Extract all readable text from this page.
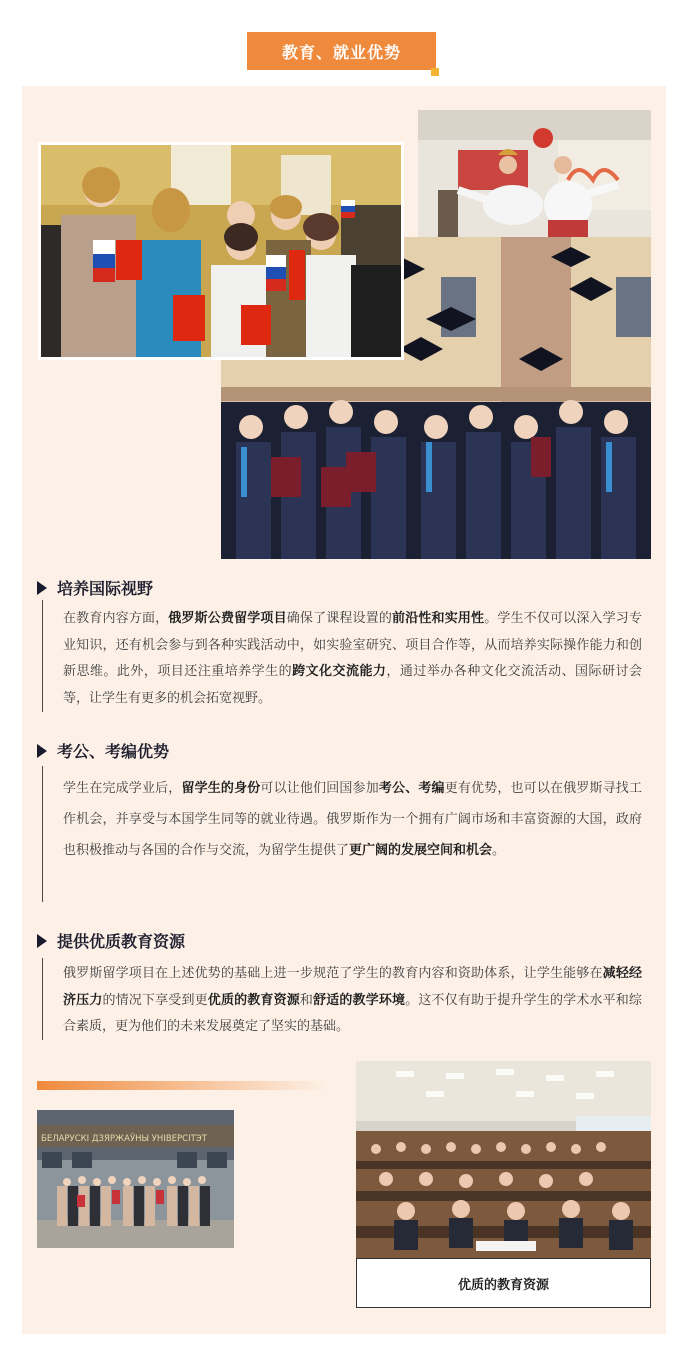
教育、就业优势
培养国际视野
在教育内容方面，俄罗斯公费留学项目确保了课程设置的前沿性和实用性。学生不仅可以深入学习专业知识，还有机会参与到各种实践活动中，如实验室研究、项目合作等，从而培养实际操作能力和创新思维。此外，项目还注重培养学生的跨文化交流能力，通过举办各种文化交流活动、国际研讨会等，让学生有更多的机会拓宽视野。
考公、考编优势
学生在完成学业后，留学生的身份可以让他们回国参加考公、考编更有优势，也可以在俄罗斯寻找工作机会，并享受与本国学生同等的就业待遇。俄罗斯作为一个拥有广阔市场和丰富资源的大国，政府也积极推动与各国的合作与交流，为留学生提供了更广阔的发展空间和机会。
提供优质教育资源
俄罗斯留学项目在上述优势的基础上进一步规范了学生的教育内容和资助体系，让学生能够在减轻经济压力的情况下享受到更优质的教育资源和舒适的教学环境。这不仅有助于提升学生的学术水平和综合素质，更为他们的未来发展奠定了坚实的基础。
БЕЛАРУСКІ ДЗЯРЖАЎНЫ УНІВЕРСІТЭТ
优质的教育资源
